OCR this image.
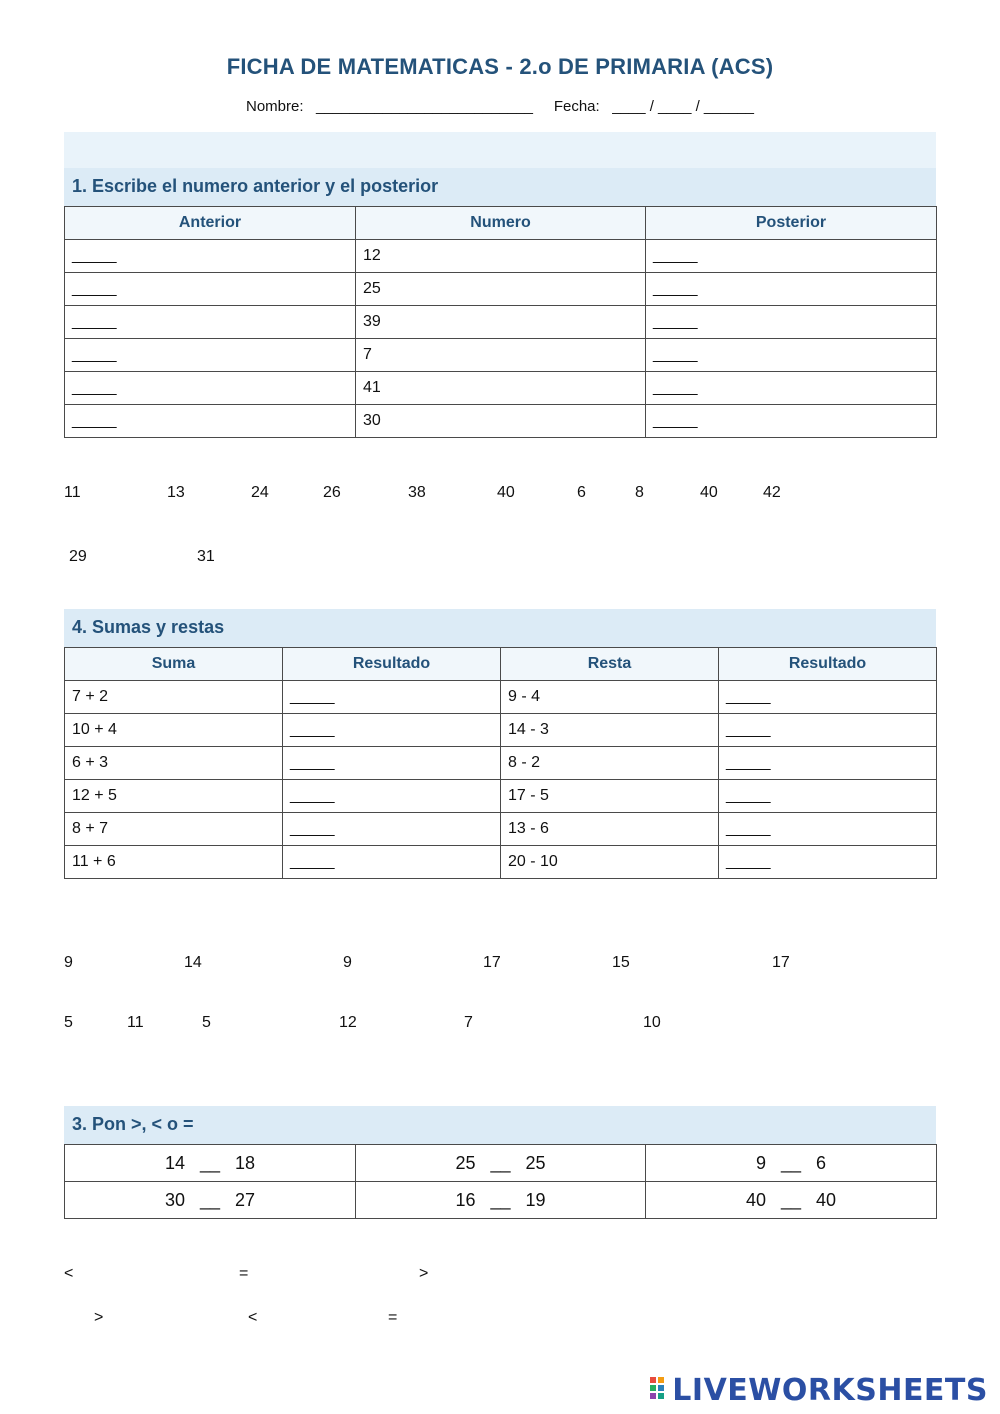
FICHA DE MATEMATICAS - 2.o DE PRIMARIA (ACS)
Nombre: __________________________ Fecha: ____ / ____ / ______
1. Escribe el numero anterior y el posterior
Anterior	Numero	Posterior
_____	12	_____
_____	25	_____
_____	39	_____
_____	7	_____
_____	41	_____
_____	30	_____
11	13	24	26	38	40	6	8	40	42
29	31
4. Sumas y restas
Suma	Resultado	Resta	Resultado
7 + 2	_____	9 - 4	_____
10 + 4	_____	14 - 3	_____
6 + 3	_____	8 - 2	_____
12 + 5	_____	17 - 5	_____
8 + 7	_____	13 - 6	_____
11 + 6	_____	20 - 10	_____
9	14	9	17	15	17
5	11	5	12	7	10
3. Pon >, < o =
14   __   18	25   __   25	9   __   6
30   __   27	16   __   19	40   __   40
<	=	>
>	<	=
LIVEWORKSHEETS
